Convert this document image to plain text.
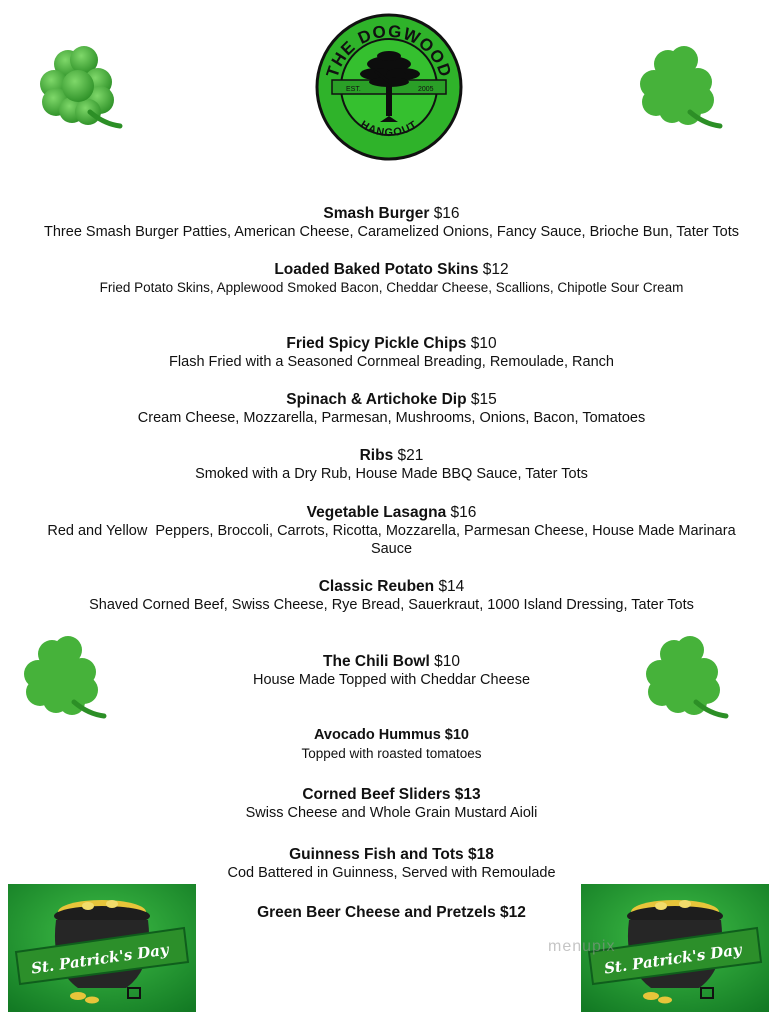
THE DOGWOOD
HANGOUT
EST.	2005
Smash Burger $16
Three Smash Burger Patties, American Cheese, Caramelized Onions, Fancy Sauce, Brioche Bun, Tater Tots
Loaded Baked Potato Skins $12
Fried Potato Skins, Applewood Smoked Bacon, Cheddar Cheese, Scallions, Chipotle Sour Cream
Fried Spicy Pickle Chips $10
Flash Fried with a Seasoned Cornmeal Breading, Remoulade, Ranch
Spinach & Artichoke Dip $15
Cream Cheese, Mozzarella, Parmesan, Mushrooms, Onions, Bacon, Tomatoes
Ribs $21
Smoked with a Dry Rub, House Made BBQ Sauce, Tater Tots
Vegetable Lasagna $16
Red and Yellow  Peppers, Broccoli, Carrots, Ricotta, Mozzarella, Parmesan Cheese, House Made Marinara Sauce
Classic Reuben $14
Shaved Corned Beef, Swiss Cheese, Rye Bread, Sauerkraut, 1000 Island Dressing, Tater Tots
The Chili Bowl $10
House Made Topped with Cheddar Cheese
Avocado Hummus $10
Topped with roasted tomatoes
Corned Beef Sliders $13
Swiss Cheese and Whole Grain Mustard Aioli
Guinness Fish and Tots $18
Cod Battered in Guinness, Served with Remoulade
Green Beer Cheese and Pretzels $12
St. Patrick's Day	St. Patrick's Day
menupix
